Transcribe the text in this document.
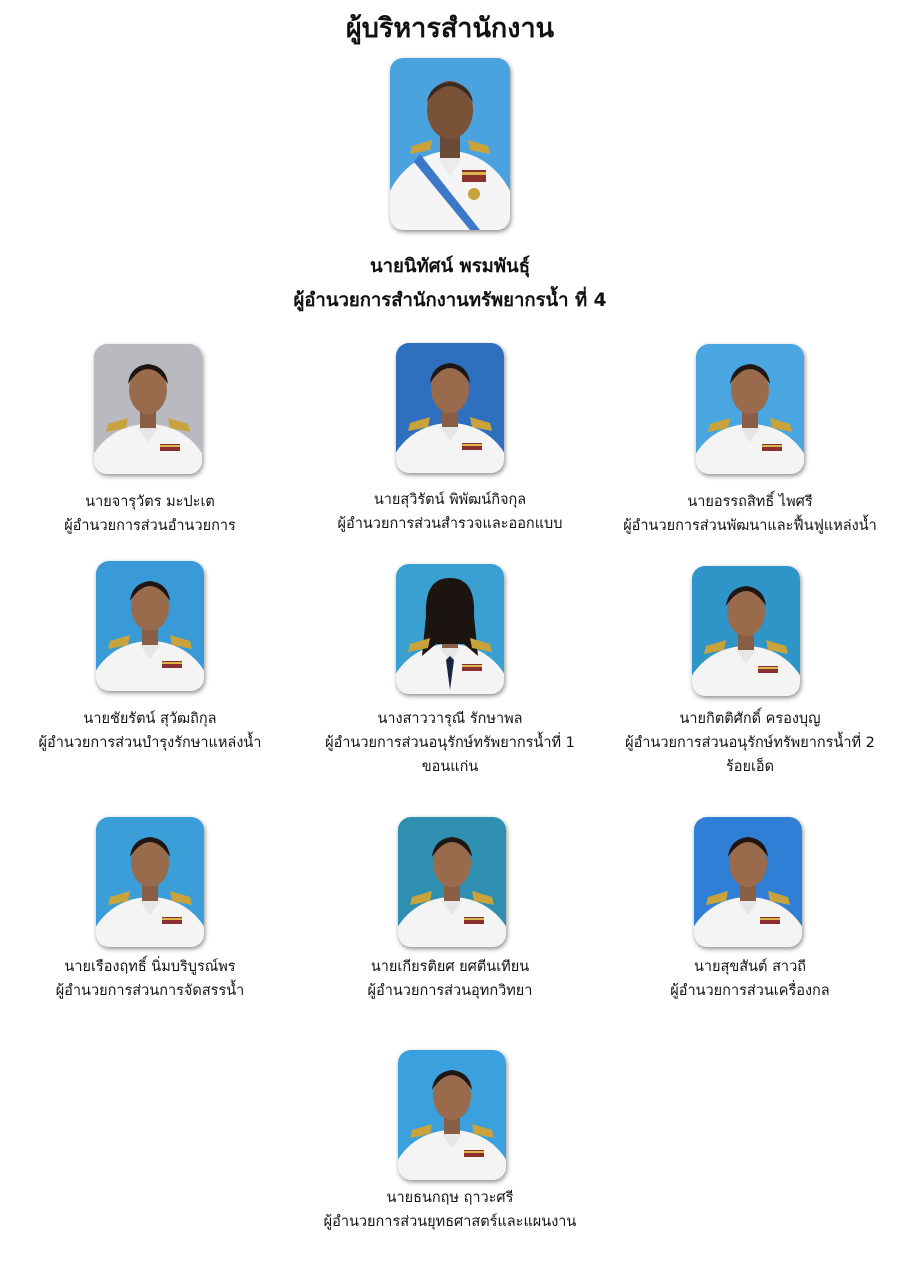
ผู้บริหารสำนักงาน
นายนิทัศน์ พรมพันธุ์
ผู้อำนวยการสำนักงานทรัพยากรน้ำ ที่ 4
นายจารุวัตร มะปะเต
ผู้อำนวยการส่วนอำนวยการ
นายสุวิรัตน์ พิพัฒน์กิจกุล
ผู้อำนวยการส่วนสำรวจและออกแบบ
นายอรรถสิทธิ์ ไพศรี
ผู้อำนวยการส่วนพัฒนาและฟื้นฟูแหล่งน้ำ
นายชัยรัตน์ สุวัฒถิกุล
ผู้อำนวยการส่วนบำรุงรักษาแหล่งน้ำ
นางสาววารุณี รักษาพล
ผู้อำนวยการส่วนอนุรักษ์ทรัพยากรน้ำที่ 1
ขอนแก่น
นายกิตติศักดิ์ ครองบุญ
ผู้อำนวยการส่วนอนุรักษ์ทรัพยากรน้ำที่ 2
ร้อยเอ็ด
นายเรืองฤทธิ์ นิ่มบริบูรณ์พร
ผู้อำนวยการส่วนการจัดสรรน้ำ
นายเกียรติยศ ยศตีนเทียน
ผู้อำนวยการส่วนอุทกวิทยา
นายสุขสันต์ สาวถี
ผู้อำนวยการส่วนเครื่องกล
นายธนกฤษ ฤาวะศรี
ผู้อำนวยการส่วนยุทธศาสตร์และแผนงาน
